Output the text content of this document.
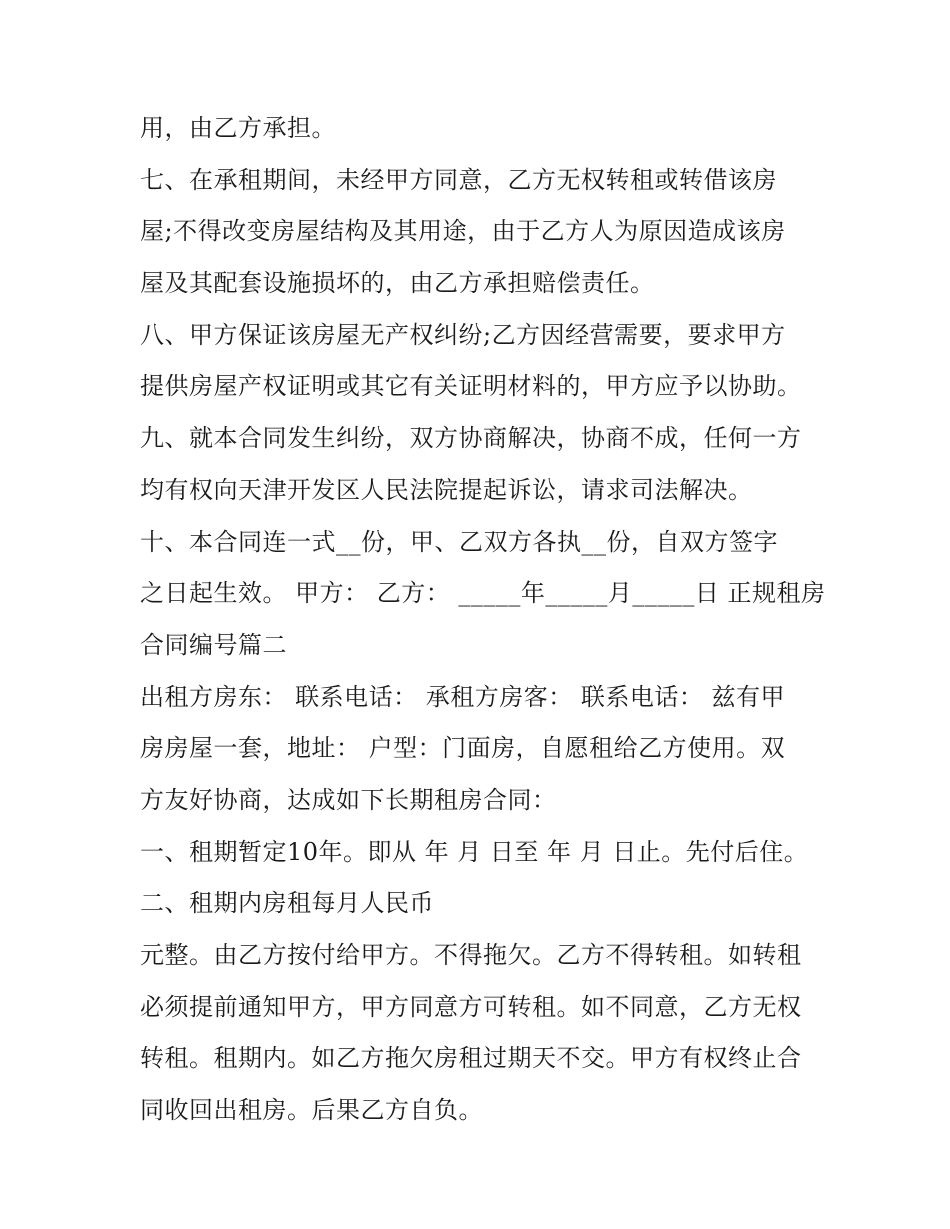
用，由乙方承担。
七、在承租期间，未经甲方同意，乙方无权转租或转借该房
屋;不得改变房屋结构及其用途，由于乙方人为原因造成该房
屋及其配套设施损坏的，由乙方承担赔偿责任。
八、甲方保证该房屋无产权纠纷;乙方因经营需要，要求甲方
提供房屋产权证明或其它有关证明材料的，甲方应予以协助。
九、就本合同发生纠纷，双方协商解决，协商不成，任何一方
均有权向天津开发区人民法院提起诉讼，请求司法解决。
十、本合同连一式__份，甲、乙双方各执__份，自双方签字
之日起生效。 甲方： 乙方： _____年_____月_____日 正规租房
合同编号篇二
出租方房东： 联系电话： 承租方房客： 联系电话： 兹有甲
房房屋一套，地址： 户型：门面房，自愿租给乙方使用。双
方友好协商，达成如下长期租房合同：
一、租期暂定10年。即从 年 月 日至 年 月 日止。先付后住。
二、租期内房租每月人民币
元整。由乙方按付给甲方。不得拖欠。乙方不得转租。如转租
必须提前通知甲方，甲方同意方可转租。如不同意，乙方无权
转租。租期内。如乙方拖欠房租过期天不交。甲方有权终止合
同收回出租房。后果乙方自负。
